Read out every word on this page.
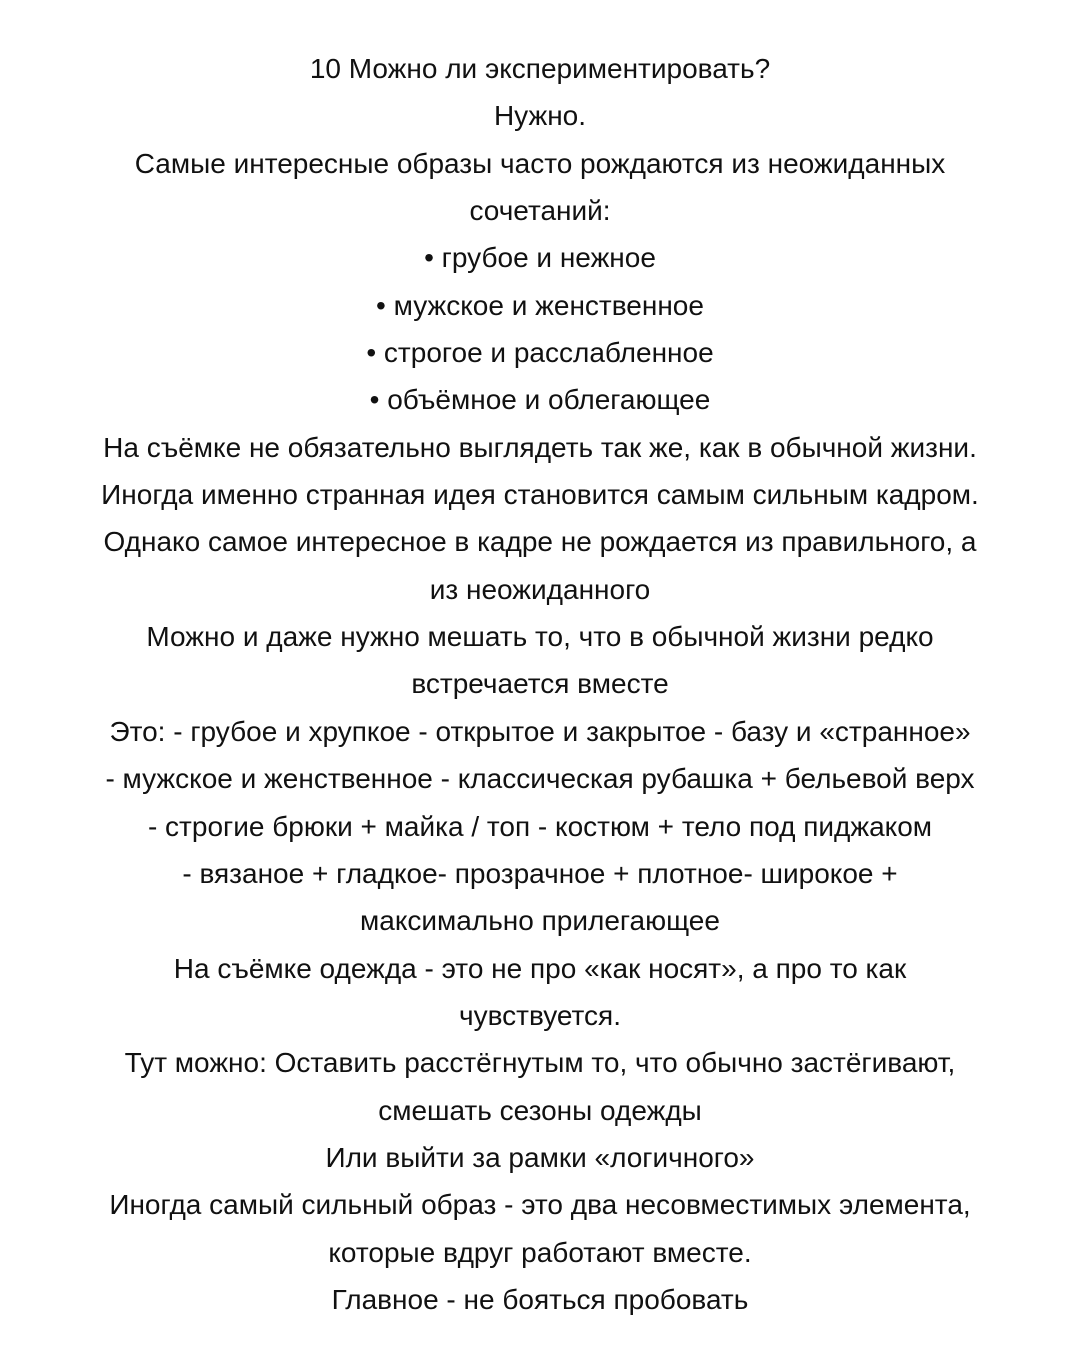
10 Можно ли экспериментировать?
Нужно.
Самые интересные образы часто рождаются из неожиданных
сочетаний:
• грубое и нежное
• мужское и женственное
• строгое и расслабленное
• объёмное и облегающее
На съёмке не обязательно выглядеть так же, как в обычной жизни.
Иногда именно странная идея становится самым сильным кадром.
Однако самое интересное в кадре не рождается из правильного, а
из неожиданного
Можно и даже нужно мешать то, что в обычной жизни редко
встречается вместе
Это: - грубое и хрупкое - открытое и закрытое - базу и «странное»
- мужское и женственное - классическая рубашка + бельевой верх
- строгие брюки + майка / топ - костюм + тело под пиджаком
- вязаное + гладкое- прозрачное + плотное- широкое +
максимально прилегающее
На съёмке одежда - это не про «как носят», а про то как
чувствуется.
Тут можно: Оставить расстёгнутым то, что обычно застёгивают,
смешать сезоны одежды
Или выйти за рамки «логичного»
Иногда самый сильный образ - это два несовместимых элемента,
которые вдруг работают вместе.
Главное - не бояться пробовать
